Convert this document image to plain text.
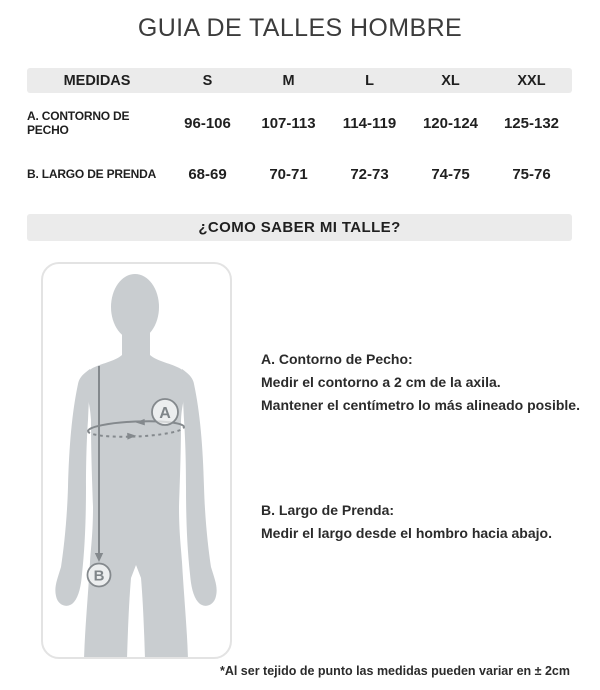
GUIA DE TALLES HOMBRE
MEDIDAS	S	M	L	XL	XXL
A. CONTORNO DE PECHO	96-106	107-113	114-119	120-124	125-132
B. LARGO DE PRENDA	68-69	70-71	72-73	74-75	75-76
¿COMO SABER MI TALLE?
A
B
A. Contorno de Pecho:
Medir el contorno a 2 cm de la axila.
Mantener el centímetro lo más alineado posible.
B. Largo de Prenda:
Medir el largo desde el hombro hacia abajo.
*Al ser tejido de punto las medidas pueden variar en ± 2cm
